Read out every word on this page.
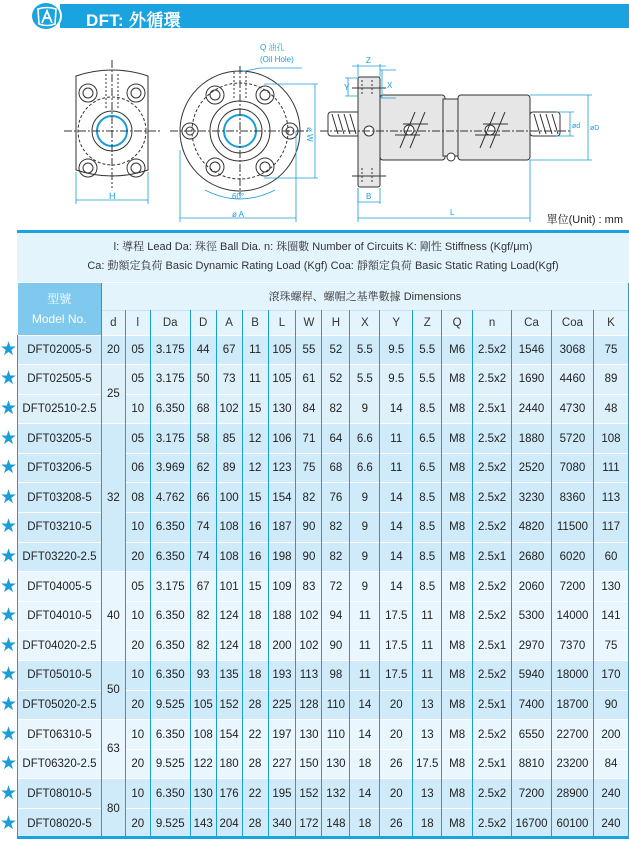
DFT: 外循環
H	60°
ø A
Q 油孔
(Oil Hole)
ø W
Z
Y	X
B
L
ød øD
單位(Unit) : mm
l: 導程 Lead Da: 珠徑 Ball Dia. n: 珠圈數 Number of Circuits K: 剛性 Stiffness (Kgf/μm)
Ca: 動額定負荷 Basic Dynamic Rating Load (Kgf) Coa: 靜額定負荷 Basic Static Rating Load(Kgf)

	型號
Model No.	滾珠螺桿、螺帽之基準數據 Dimensions																
		d	l	Da	D	A	B	L	W	H	X	Y	Z	Q	n	Ca	Coa	K
★	DFT02005-5	20	05	3.175	44	67	11	105	55	52	5.5	9.5	5.5	M6	2.5x2	1546	3068	75
★	DFT02505-5	25	05	3.175	50	73	11	105	61	52	5.5	9.5	5.5	M8	2.5x2	1690	4460	89
★	DFT02510-2.5		10	6.350	68	102	15	130	84	82	9	14	8.5	M8	2.5x1	2440	4730	48
★	DFT03205-5	32	05	3.175	58	85	12	106	71	64	6.6	11	6.5	M8	2.5x2	1880	5720	108
★	DFT03206-5		06	3.969	62	89	12	123	75	68	6.6	11	6.5	M8	2.5x2	2520	7080	111
★	DFT03208-5		08	4.762	66	100	15	154	82	76	9	14	8.5	M8	2.5x2	3230	8360	113
★	DFT03210-5		10	6.350	74	108	16	187	90	82	9	14	8.5	M8	2.5x2	4820	11500	117
★	DFT03220-2.5		20	6.350	74	108	16	198	90	82	9	14	8.5	M8	2.5x1	2680	6020	60
★	DFT04005-5	40	05	3.175	67	101	15	109	83	72	9	14	8.5	M8	2.5x2	2060	7200	130
★	DFT04010-5		10	6.350	82	124	18	188	102	94	11	17.5	11	M8	2.5x2	5300	14000	141
★	DFT04020-2.5		20	6.350	82	124	18	200	102	90	11	17.5	11	M8	2.5x1	2970	7370	75
★	DFT05010-5	50	10	6.350	93	135	18	193	113	98	11	17.5	11	M8	2.5x2	5940	18000	170
★	DFT05020-2.5		20	9.525	105	152	28	225	128	110	14	20	13	M8	2.5x1	7400	18700	90
★	DFT06310-5	63	10	6.350	108	154	22	197	130	110	14	20	13	M8	2.5x2	6550	22700	200
★	DFT06320-2.5		20	9.525	122	180	28	227	150	130	18	26	17.5	M8	2.5x1	8810	23200	84
★	DFT08010-5	80	10	6.350	130	176	22	195	152	132	14	20	13	M8	2.5x2	7200	28900	240
★	DFT08020-5		20	9.525	143	204	28	340	172	148	18	26	18	M8	2.5x2	16700	60100	240
